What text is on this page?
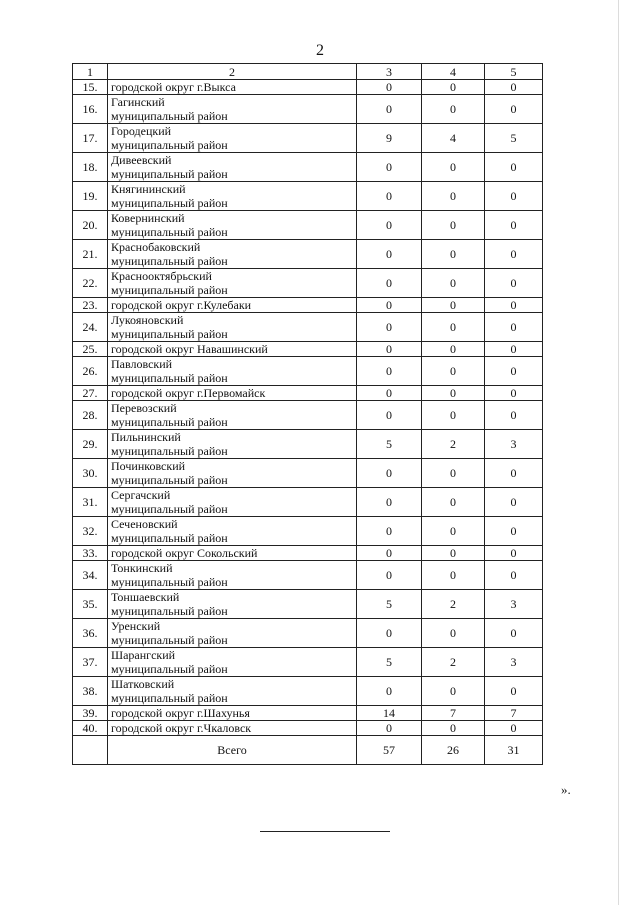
2
1	2	3	4	5
15.	городской округ г.Выкса	0	0	0
16.	Гагинский
муниципальный район	0	0	0
17.	Городецкий
муниципальный район	9	4	5
18.	Дивеевский
муниципальный район	0	0	0
19.	Княгининский
муниципальный район	0	0	0
20.	Ковернинский
муниципальный район	0	0	0
21.	Краснобаковский
муниципальный район	0	0	0
22.	Краснооктябрьский
муниципальный район	0	0	0
23.	городской округ г.Кулебаки	0	0	0
24.	Лукояновский
муниципальный район	0	0	0
25.	городской округ Навашинский	0	0	0
26.	Павловский
муниципальный район	0	0	0
27.	городской округ г.Первомайск	0	0	0
28.	Перевозский
муниципальный район	0	0	0
29.	Пильнинский
муниципальный район	5	2	3
30.	Починковский
муниципальный район	0	0	0
31.	Сергачский
муниципальный район	0	0	0
32.	Сеченовский
муниципальный район	0	0	0
33.	городской округ Сокольский	0	0	0
34.	Тонкинский
муниципальный район	0	0	0
35.	Тоншаевский
муниципальный район	5	2	3
36.	Уренский
муниципальный район	0	0	0
37.	Шарангский
муниципальный район	5	2	3
38.	Шатковский
муниципальный район	0	0	0
39.	городской округ г.Шахунья	14	7	7
40.	городской округ г.Чкаловск	0	0	0
	Всего	57	26	31
».
